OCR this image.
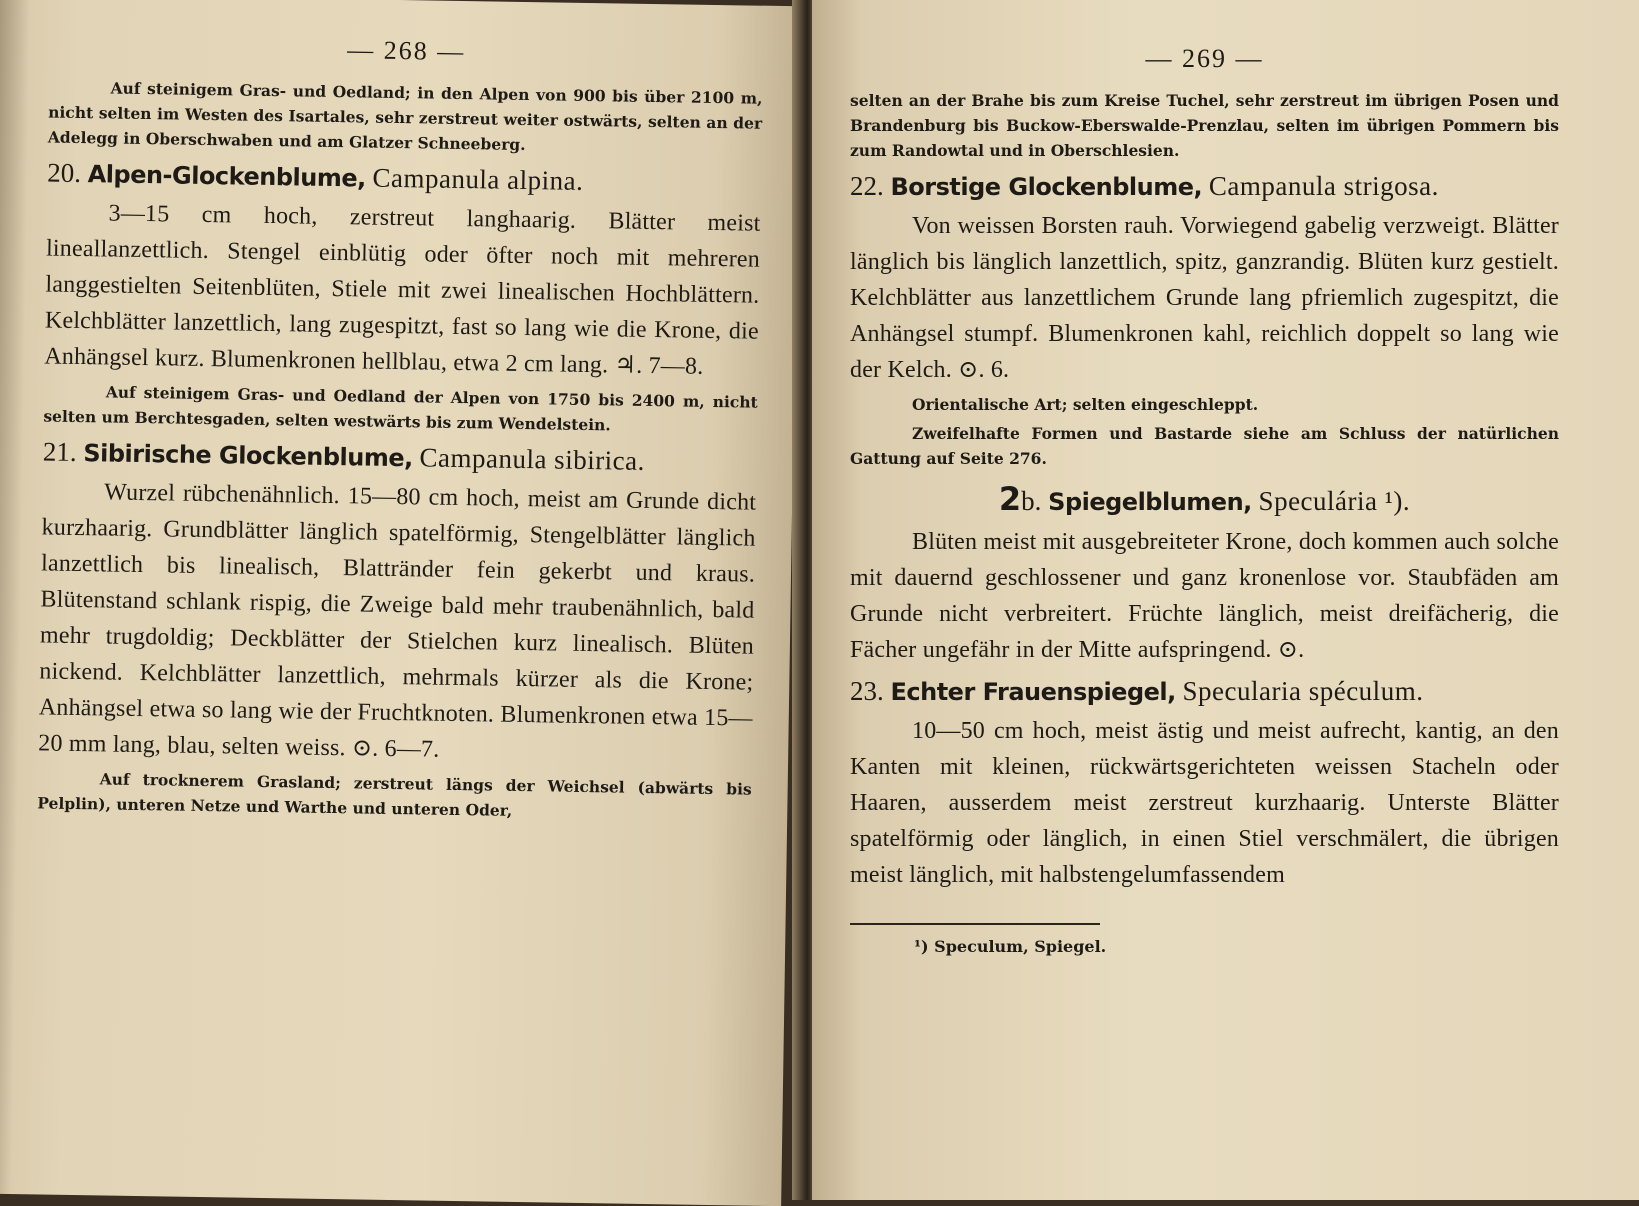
— 268 —

Auf steinigem Gras- und Oedland; in den Alpen von 900 bis über 2100 m, nicht selten im Westen des Isartales, sehr zerstreut weiter ostwärts, selten an der Adelegg in Oberschwaben und am Glatzer Schneeberg.

20. Alpen-Glockenblume, Campanula alpina.

3—15 cm hoch, zerstreut langhaarig. Blätter meist lineallanzettlich. Stengel einblütig oder öfter noch mit mehreren langgestielten Seitenblüten, Stiele mit zwei linealischen Hochblättern. Kelchblätter lanzettlich, lang zugespitzt, fast so lang wie die Krone, die Anhängsel kurz. Blumenkronen hellblau, etwa 2 cm lang. ♃. 7—8.

Auf steinigem Gras- und Oedland der Alpen von 1750 bis 2400 m, nicht selten um Berchtesgaden, selten westwärts bis zum Wendelstein.

21. Sibirische Glockenblume, Campanula sibirica.

Wurzel rübchenähnlich. 15—80 cm hoch, meist am Grunde dicht kurzhaarig. Grundblätter länglich spatelförmig, Stengelblätter länglich lanzettlich bis linealisch, Blattränder fein gekerbt und kraus. Blütenstand schlank rispig, die Zweige bald mehr traubenähnlich, bald mehr trugdoldig; Deckblätter der Stielchen kurz linealisch. Blüten nickend. Kelchblätter lanzettlich, mehrmals kürzer als die Krone; Anhängsel etwa so lang wie der Fruchtknoten. Blumenkronen etwa 15—20 mm lang, blau, selten weiss. ⊙. 6—7.

Auf trocknerem Grasland; zerstreut längs der Weichsel (abwärts bis Pelplin), unteren Netze und Warthe und unteren Oder,

— 269 —

selten an der Brahe bis zum Kreise Tuchel, sehr zerstreut im übrigen Posen und Brandenburg bis Buckow-Eberswalde-Prenzlau, selten im übrigen Pommern bis zum Randowtal und in Oberschlesien.

22. Borstige Glockenblume, Campanula strigosa.

Von weissen Borsten rauh. Vorwiegend gabelig verzweigt. Blätter länglich bis länglich lanzettlich, spitz, ganzrandig. Blüten kurz gestielt. Kelchblätter aus lanzettlichem Grunde lang pfriemlich zugespitzt, die Anhängsel stumpf. Blumenkronen kahl, reichlich doppelt so lang wie der Kelch. ⊙. 6.

Orientalische Art; selten eingeschleppt.

Zweifelhafte Formen und Bastarde siehe am Schluss der natürlichen Gattung auf Seite 276.

2b. Spiegelblumen, Speculária ¹).

Blüten meist mit ausgebreiteter Krone, doch kommen auch solche mit dauernd geschlossener und ganz kronenlose vor. Staubfäden am Grunde nicht verbreitert. Früchte länglich, meist dreifächerig, die Fächer ungefähr in der Mitte aufspringend. ⊙.

23. Echter Frauenspiegel, Specularia spéculum.

10—50 cm hoch, meist ästig und meist aufrecht, kantig, an den Kanten mit kleinen, rückwärtsgerichteten weissen Stacheln oder Haaren, ausserdem meist zerstreut kurzhaarig. Unterste Blätter spatelförmig oder länglich, in einen Stiel verschmälert, die übrigen meist länglich, mit halbstengelumfassendem

¹) Speculum, Spiegel.
